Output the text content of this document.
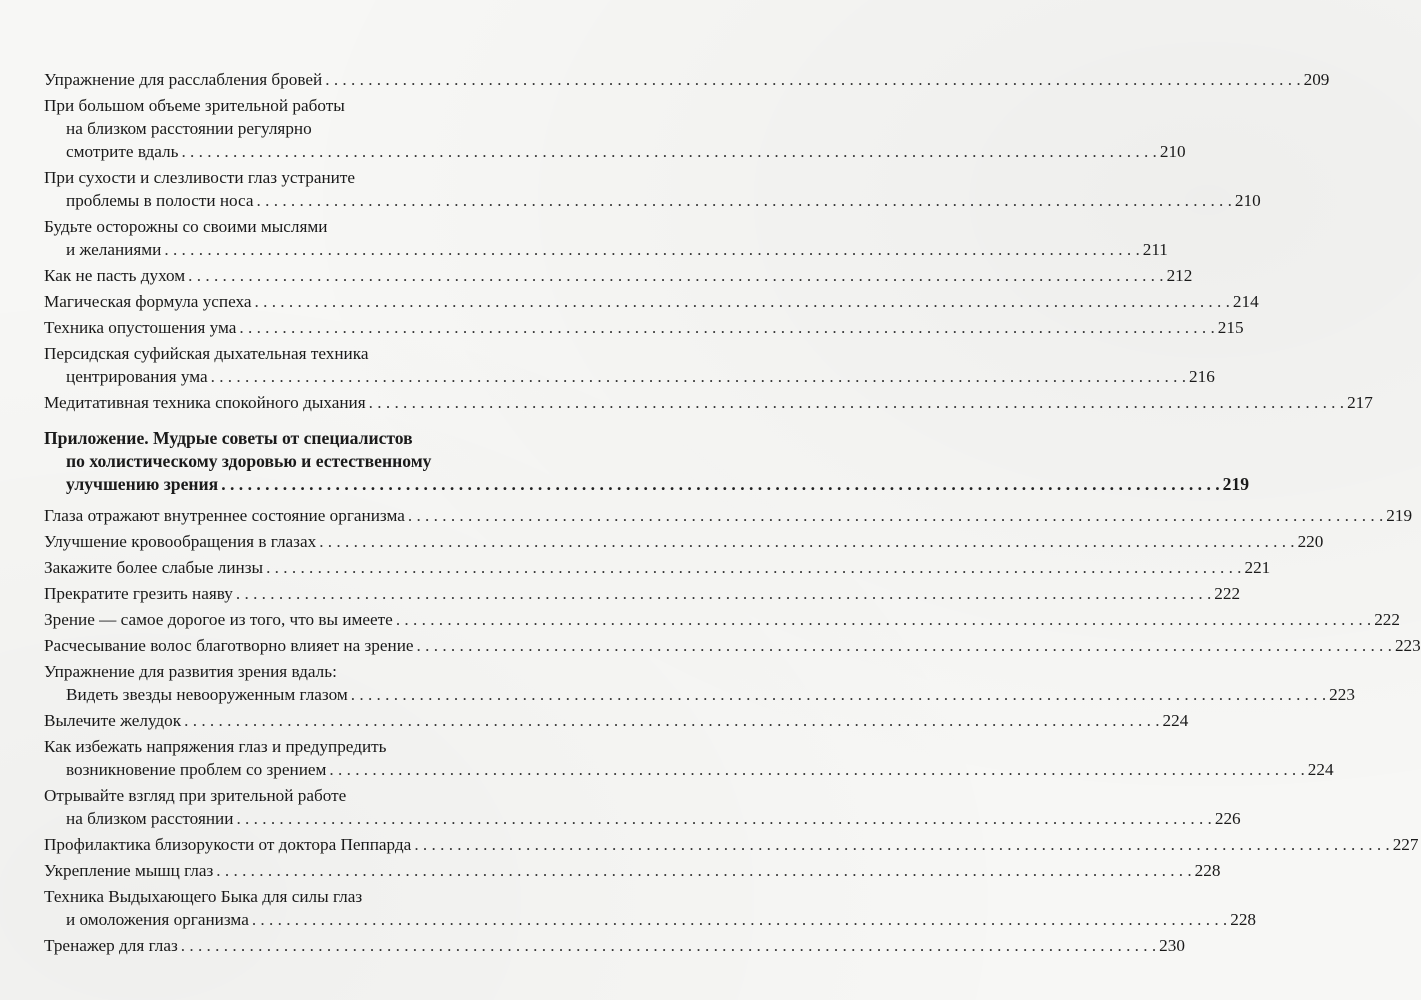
Упражнение для расслабления бровей . . .	209
При большом объеме зрительной работы
на близком расстоянии регулярно
смотрите вдаль . . .	210
При сухости и слезливости глаз устраните
проблемы в полости носа . . .	210
Будьте осторожны со своими мыслями
и желаниями . . .	211
Как не пасть духом . . .	212
Магическая формула успеха . . .	214
Техника опустошения ума . . .	215
Персидская суфийская дыхательная техника
центрирования ума . . .	216
Медитативная техника спокойного дыхания . . .	217
Приложение. Мудрые советы от специалистов
по холистическому здоровью и естественному
улучшению зрения . . .	219
Глаза отражают внутреннее состояние организма . . .	219
Улучшение кровообращения в глазах . . .	220
Закажите более слабые линзы . . .	221
Прекратите грезить наяву . . .	222
Зрение — самое дорогое из того, что вы имеете . . .	222
Расчесывание волос благотворно влияет на зрение . . .	223
Упражнение для развития зрения вдаль:
Видеть звезды невооруженным глазом . . .	223
Вылечите желудок . . .	224
Как избежать напряжения глаз и предупредить
возникновение проблем со зрением . . .	224
Отрывайте взгляд при зрительной работе
на близком расстоянии . . .	226
Профилактика близорукости от доктора Пеппарда . . .	227
Укрепление мышц глаз . . .	228
Техника Выдыхающего Быка для силы глаз
и омоложения организма . . .	228
Тренажер для глаз . . .	230
